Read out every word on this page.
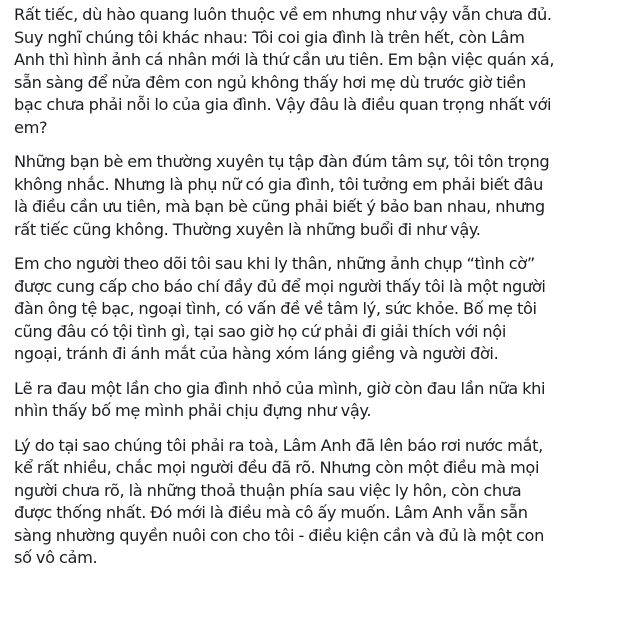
Rất tiếc, dù hào quang luôn thuộc về em nhưng như vậy vẫn chưa đủ.
Suy nghĩ chúng tôi khác nhau: Tôi coi gia đình là trên hết, còn Lâm
Anh thì hình ảnh cá nhân mới là thứ cần ưu tiên. Em bận việc quán xá,
sẵn sàng để nửa đêm con ngủ không thấy hơi mẹ dù trước giờ tiền
bạc chưa phải nỗi lo của gia đình. Vậy đâu là điều quan trọng nhất với
em?

Những bạn bè em thường xuyên tụ tập đàn đúm tâm sự, tôi tôn trọng
không nhắc. Nhưng là phụ nữ có gia đình, tôi tưởng em phải biết đâu
là điều cần ưu tiên, mà bạn bè cũng phải biết ý bảo ban nhau, nhưng
rất tiếc cũng không. Thường xuyên là những buổi đi như vậy.

Em cho người theo dõi tôi sau khi ly thân, những ảnh chụp “tình cờ”
được cung cấp cho báo chí đầy đủ để mọi người thấy tôi là một người
đàn ông tệ bạc, ngoại tình, có vấn đề về tâm lý, sức khỏe. Bố mẹ tôi
cũng đâu có tội tình gì, tại sao giờ họ cứ phải đi giải thích với nội
ngoại, tránh đi ánh mắt của hàng xóm láng giềng và người đời.

Lẽ ra đau một lần cho gia đình nhỏ của mình, giờ còn đau lần nữa khi
nhìn thấy bố mẹ mình phải chịu đựng như vậy.

Lý do tại sao chúng tôi phải ra toà, Lâm Anh đã lên báo rơi nước mắt,
kể rất nhiều, chắc mọi người đều đã rõ. Nhưng còn một điều mà mọi
người chưa rõ, là những thoả thuận phía sau việc ly hôn, còn chưa
được thống nhất. Đó mới là điều mà cô ấy muốn. Lâm Anh vẫn sẵn
sàng nhường quyền nuôi con cho tôi - điều kiện cần và đủ là một con
số vô cảm.
